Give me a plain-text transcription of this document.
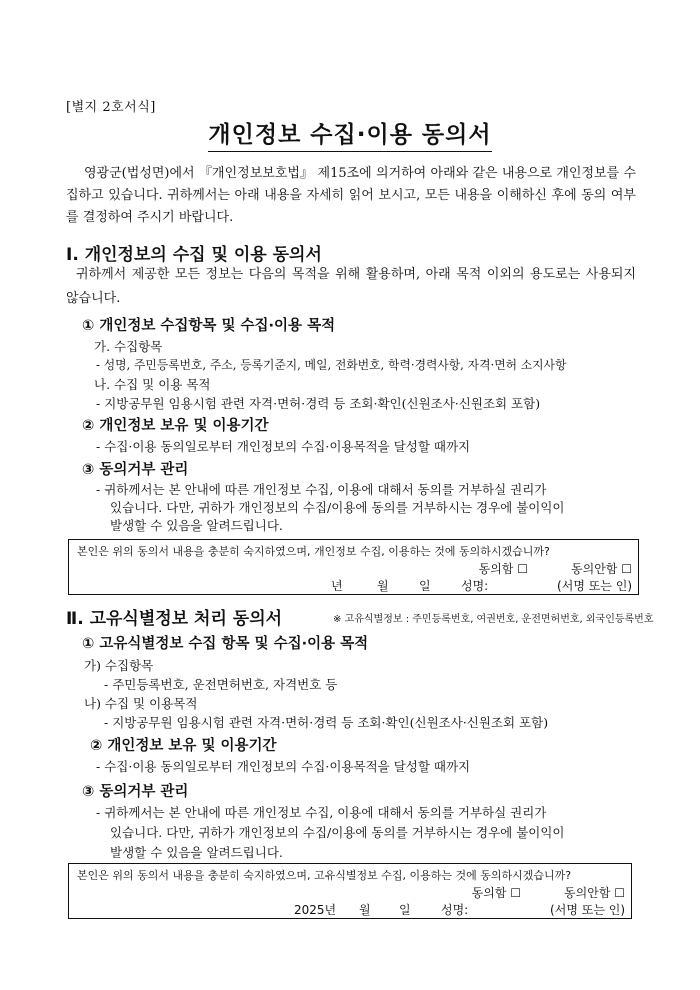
[별지 2호서식]
개인정보 수집·이용 동의서
영광군(법성면)에서 『개인정보보호법』 제15조에 의거하여 아래와 같은 내용으로 개인정보를 수집하고 있습니다. 귀하께서는 아래 내용을 자세히 읽어 보시고, 모든 내용을 이해하신 후에 동의 여부를 결정하여 주시기 바랍니다.
Ⅰ. 개인정보의 수집 및 이용 동의서
귀하께서 제공한 모든 정보는 다음의 목적을 위해 활용하며, 아래 목적 이외의 용도로는 사용되지 않습니다.
① 개인정보 수집항목 및 수집·이용 목적
가. 수집항목
- 성명, 주민등록번호, 주소, 등록기준지, 메일, 전화번호, 학력·경력사항, 자격·면허 소지사항
나. 수집 및 이용 목적
- 지방공무원 임용시험 관련 자격·면허·경력 등 조회·확인(신원조사·신원조회 포함)
② 개인정보 보유 및 이용기간
- 수집·이용 동의일로부터 개인정보의 수집·이용목적을 달성할 때까지
③ 동의거부 관리
- 귀하께서는 본 안내에 따른 개인정보 수집, 이용에 대해서 동의를 거부하실 권리가
있습니다. 다만, 귀하가 개인정보의 수집/이용에 동의를 거부하시는 경우에 불이익이
발생할 수 있음을 알려드립니다.
본인은 위의 동의서 내용을 충분히 숙지하였으며, 개인정보 수집, 이용하는 것에 동의하시겠습니까?
동의함 ☐	동의안함 ☐
년	월	일	성명:	(서명 또는 인)
Ⅱ. 고유식별정보 처리 동의서	※ 고유식별정보 : 주민등록번호, 여권번호, 운전면허번호, 외국인등록번호
① 고유식별정보 수집 항목 및 수집·이용 목적
가) 수집항목
- 주민등록번호, 운전면허번호, 자격번호 등
나) 수집 및 이용목적
- 지방공무원 임용시험 관련 자격·면허·경력 등 조회·확인(신원조사·신원조회 포함)
② 개인정보 보유 및 이용기간
- 수집·이용 동의일로부터 개인정보의 수집·이용목적을 달성할 때까지
③ 동의거부 관리
- 귀하께서는 본 안내에 따른 개인정보 수집, 이용에 대해서 동의를 거부하실 권리가
있습니다. 다만, 귀하가 개인정보의 수집/이용에 동의를 거부하시는 경우에 불이익이
발생할 수 있음을 알려드립니다.
본인은 위의 동의서 내용을 충분히 숙지하였으며, 고유식별정보 수집, 이용하는 것에 동의하시겠습니까?
동의함 ☐	동의안함 ☐
2025년 월 일	성명:	(서명 또는 인)
